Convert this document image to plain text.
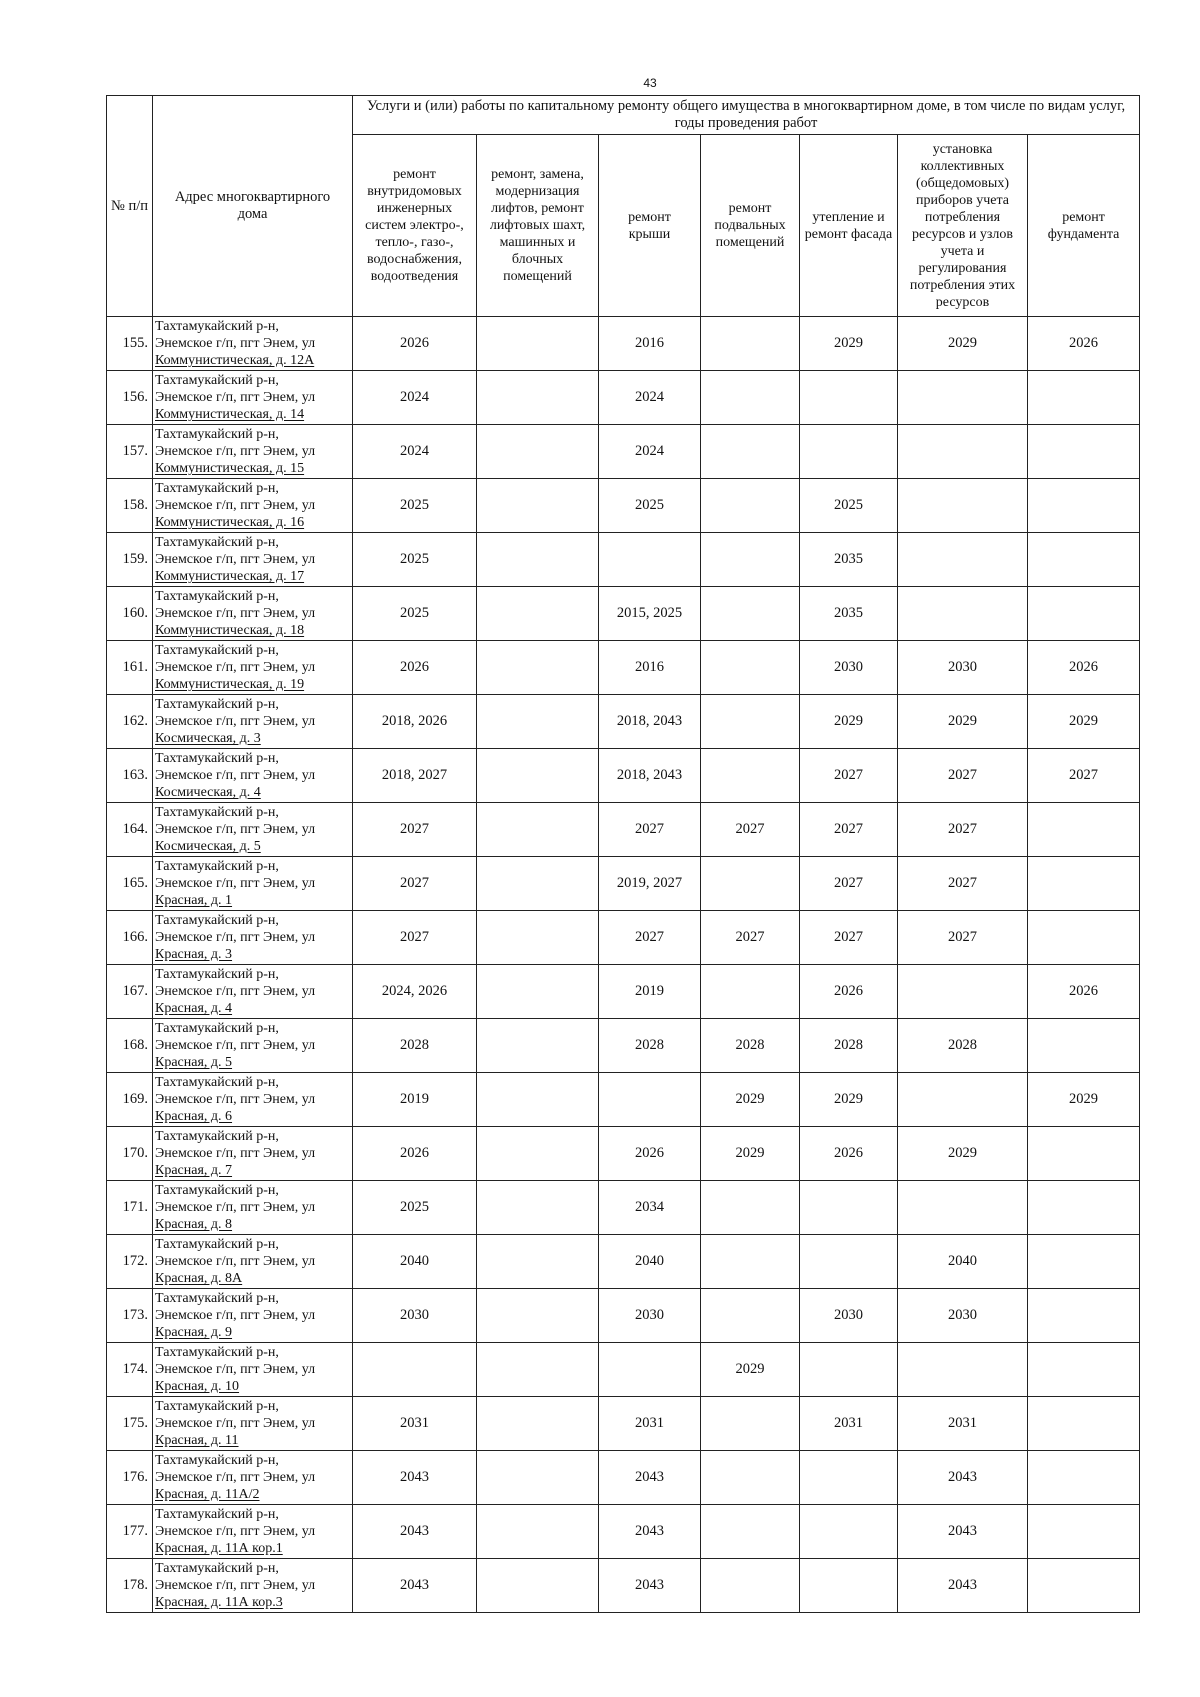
43
№ п/п	Адрес многоквартирного дома	Услуги и (или) работы по капитальному ремонту общего имущества в многоквартирном доме, в том числе по видам услуг, годы проведения работ						
		ремонт внутридомовых инженерных систем электро-, тепло-, газо-, водоснабжения, водоотведения	ремонт, замена, модернизация лифтов, ремонт лифтовых шахт, машинных и блочных помещений	ремонт крыши	ремонт подвальных помещений	утепление и ремонт фасада	установка коллективных (общедомовых) приборов учета потребления ресурсов и узлов учета и регулирования потребления этих ресурсов	ремонт фундамента
155.	Тахтамукайский р-н,
Энемское г/п, пгт Энем, ул
Коммунистическая, д. 12А	2026		2016		2029	2029	2026
156.	Тахтамукайский р-н,
Энемское г/п, пгт Энем, ул
Коммунистическая, д. 14	2024		2024				
157.	Тахтамукайский р-н,
Энемское г/п, пгт Энем, ул
Коммунистическая, д. 15	2024		2024				
158.	Тахтамукайский р-н,
Энемское г/п, пгт Энем, ул
Коммунистическая, д. 16	2025		2025		2025		
159.	Тахтамукайский р-н,
Энемское г/п, пгт Энем, ул
Коммунистическая, д. 17	2025				2035		
160.	Тахтамукайский р-н,
Энемское г/п, пгт Энем, ул
Коммунистическая, д. 18	2025		2015, 2025		2035		
161.	Тахтамукайский р-н,
Энемское г/п, пгт Энем, ул
Коммунистическая, д. 19	2026		2016		2030	2030	2026
162.	Тахтамукайский р-н,
Энемское г/п, пгт Энем, ул
Космическая, д. 3	2018, 2026		2018, 2043		2029	2029	2029
163.	Тахтамукайский р-н,
Энемское г/п, пгт Энем, ул
Космическая, д. 4	2018, 2027		2018, 2043		2027	2027	2027
164.	Тахтамукайский р-н,
Энемское г/п, пгт Энем, ул
Космическая, д. 5	2027		2027	2027	2027	2027	
165.	Тахтамукайский р-н,
Энемское г/п, пгт Энем, ул
Красная, д. 1	2027		2019, 2027		2027	2027	
166.	Тахтамукайский р-н,
Энемское г/п, пгт Энем, ул
Красная, д. 3	2027		2027	2027	2027	2027	
167.	Тахтамукайский р-н,
Энемское г/п, пгт Энем, ул
Красная, д. 4	2024, 2026		2019		2026		2026
168.	Тахтамукайский р-н,
Энемское г/п, пгт Энем, ул
Красная, д. 5	2028		2028	2028	2028	2028	
169.	Тахтамукайский р-н,
Энемское г/п, пгт Энем, ул
Красная, д. 6	2019			2029	2029		2029
170.	Тахтамукайский р-н,
Энемское г/п, пгт Энем, ул
Красная, д. 7	2026		2026	2029	2026	2029	
171.	Тахтамукайский р-н,
Энемское г/п, пгт Энем, ул
Красная, д. 8	2025		2034				
172.	Тахтамукайский р-н,
Энемское г/п, пгт Энем, ул
Красная, д. 8А	2040		2040			2040	
173.	Тахтамукайский р-н,
Энемское г/п, пгт Энем, ул
Красная, д. 9	2030		2030		2030	2030	
174.	Тахтамукайский р-н,
Энемское г/п, пгт Энем, ул
Красная, д. 10				2029			
175.	Тахтамукайский р-н,
Энемское г/п, пгт Энем, ул
Красная, д. 11	2031		2031		2031	2031	
176.	Тахтамукайский р-н,
Энемское г/п, пгт Энем, ул
Красная, д. 11А/2	2043		2043			2043	
177.	Тахтамукайский р-н,
Энемское г/п, пгт Энем, ул
Красная, д. 11А кор.1	2043		2043			2043	
178.	Тахтамукайский р-н,
Энемское г/п, пгт Энем, ул
Красная, д. 11А кор.3	2043		2043			2043	
